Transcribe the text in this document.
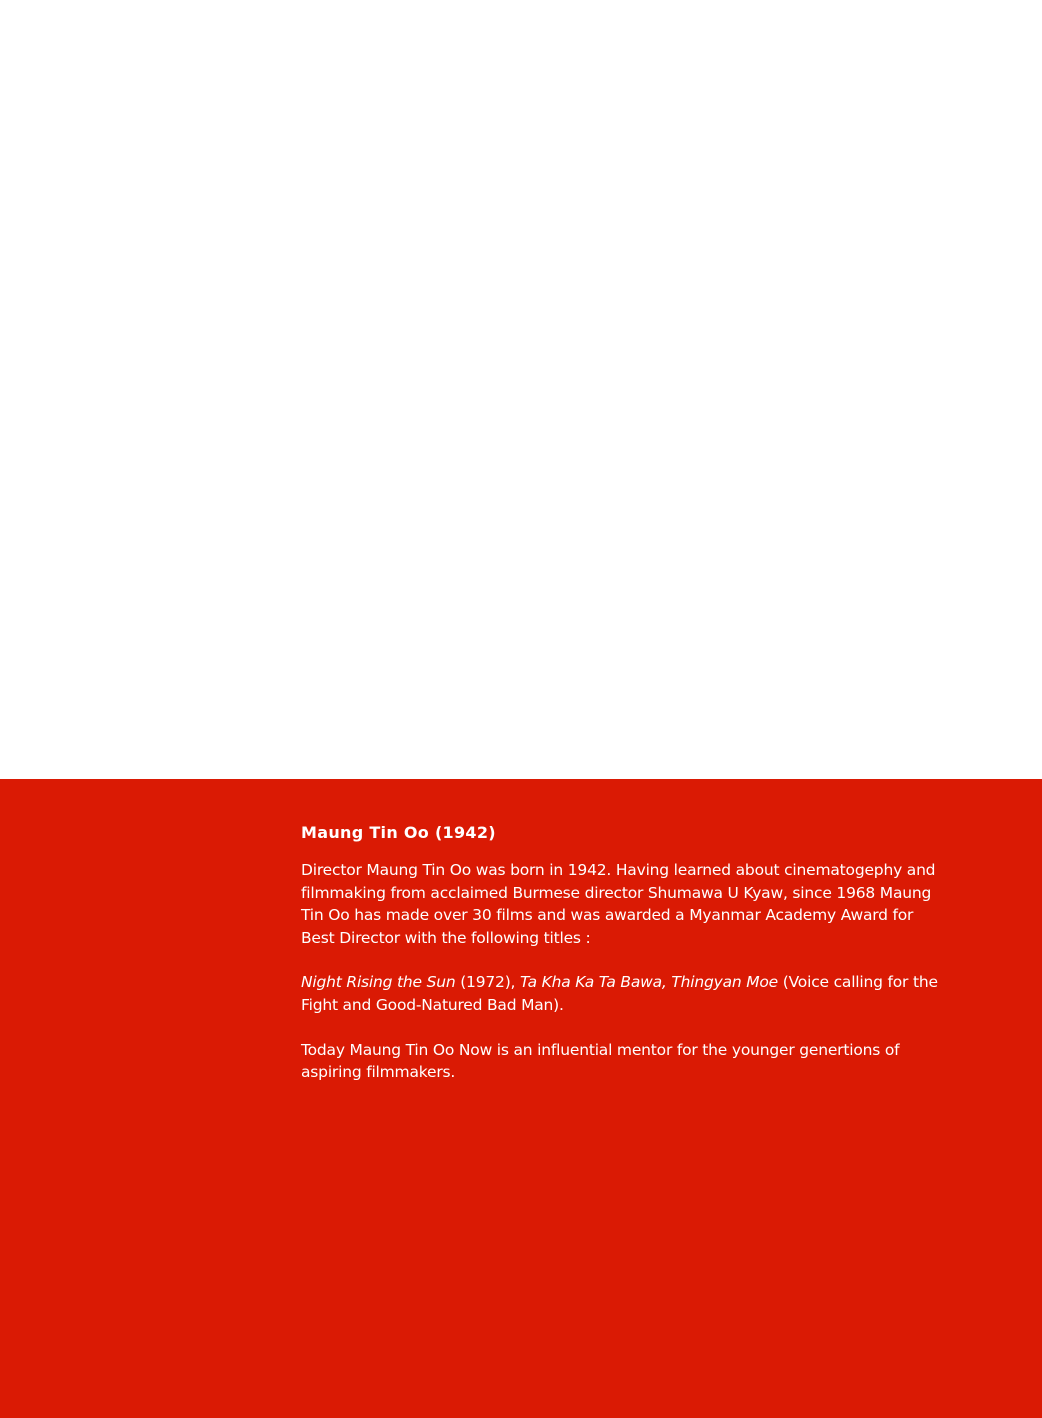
Maung Tin Oo (1942)

Director Maung Tin Oo was born in 1942. Having learned about cinematogephy and filmmaking from acclaimed Burmese director Shumawa U Kyaw, since 1968 Maung Tin Oo has made over 30 films and was awarded a Myanmar Academy Award for Best Director with the following titles :

Night Rising the Sun (1972), Ta Kha Ka Ta Bawa, Thingyan Moe (Voice calling for the Fight and Good-Natured Bad Man).

Today Maung Tin Oo Now is an influential mentor for the younger genertions of aspiring filmmakers.
